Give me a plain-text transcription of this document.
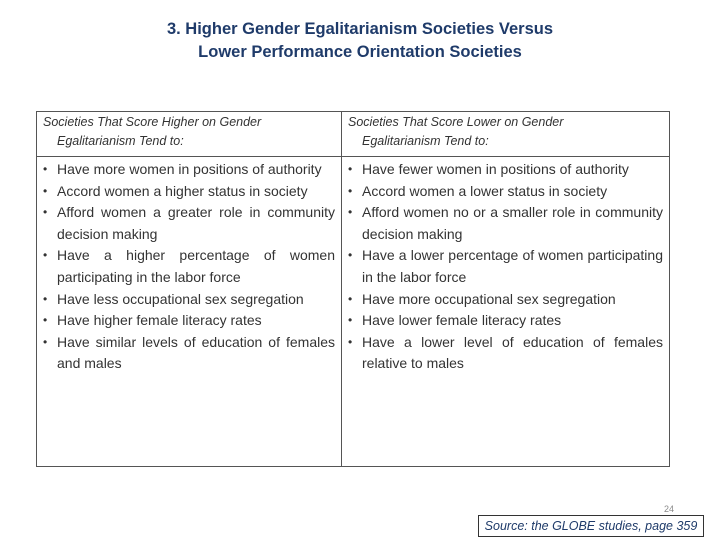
3. Higher Gender Egalitarianism Societies Versus
Lower Performance Orientation Societies
Societies That Score Higher on Gender
Egalitarianism Tend to:
• Have more women in positions of authority
• Accord women a higher status in society
• Afford women a greater role in community decision making
• Have a higher percentage of women participating in the labor force
• Have less occupational sex segregation
• Have higher female literacy rates
• Have similar levels of education of females and males
Societies That Score Lower on Gender
Egalitarianism Tend to:
• Have fewer women in positions of authority
• Accord women a lower status in society
• Afford women no or a smaller role in community decision making
• Have a lower percentage of women participating in the labor force
• Have more occupational sex segregation
• Have lower female literacy rates
• Have a lower level of education of females relative to males
24
Source: the GLOBE studies, page 359
